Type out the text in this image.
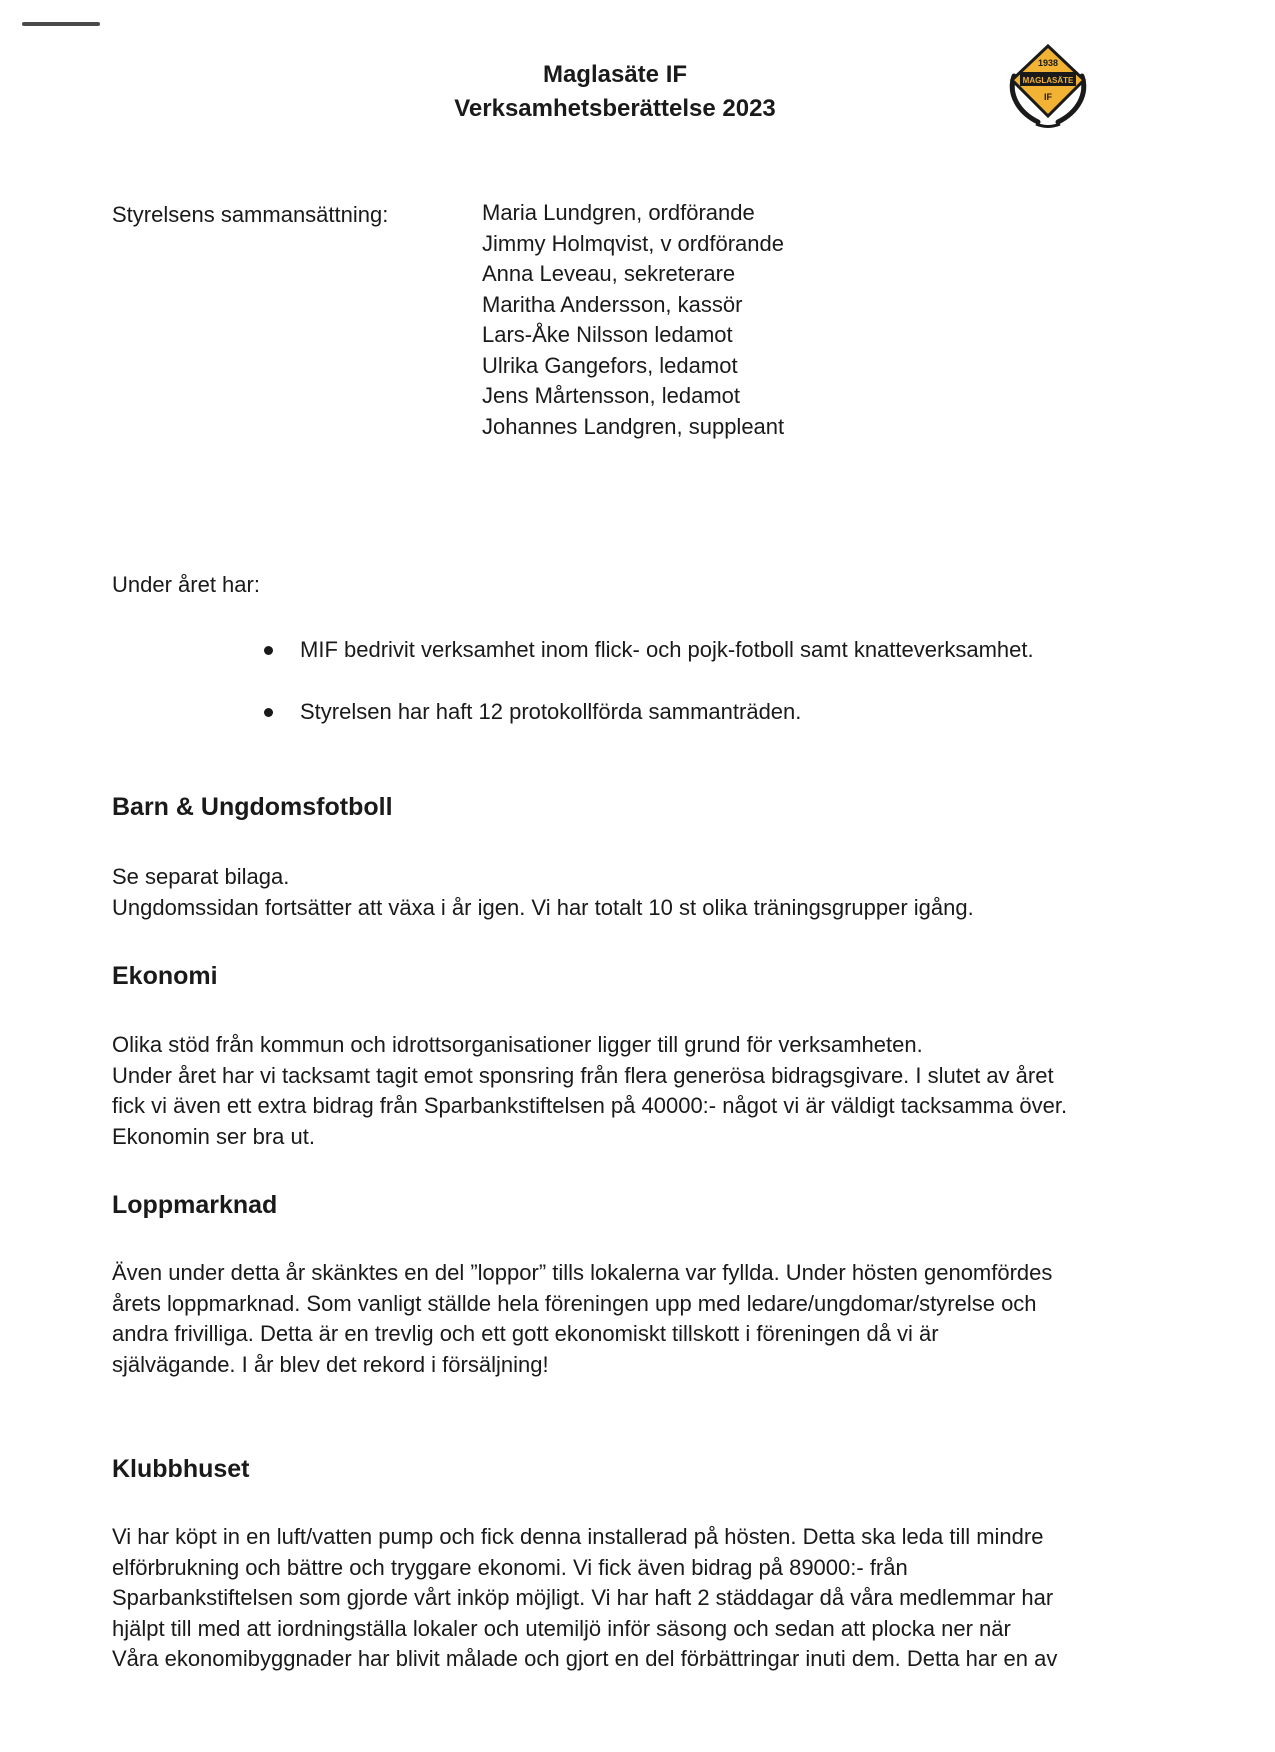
Maglasäte IF
Verksamhetsberättelse 2023
1938
MAGLASÄTE
IF
Styrelsens sammansättning:	Maria Lundgren, ordförande
Jimmy Holmqvist, v ordförande
Anna Leveau, sekreterare
Maritha Andersson, kassör
Lars-Åke Nilsson ledamot
Ulrika Gangefors, ledamot
Jens Mårtensson, ledamot
Johannes Landgren, suppleant
Under året har:
MIF bedrivit verksamhet inom flick- och pojk-fotboll samt knatteverksamhet.
Styrelsen har haft 12 protokollförda sammanträden.
Barn & Ungdomsfotboll
Se separat bilaga.
Ungdomssidan fortsätter att växa i år igen. Vi har totalt 10 st olika träningsgrupper igång.
Ekonomi
Olika stöd från kommun och idrottsorganisationer ligger till grund för verksamheten.
Under året har vi tacksamt tagit emot sponsring från flera generösa bidragsgivare. I slutet av året
fick vi även ett extra bidrag från Sparbankstiftelsen på 40000:- något vi är väldigt tacksamma över.
Ekonomin ser bra ut.
Loppmarknad
Även under detta år skänktes en del ”loppor” tills lokalerna var fyllda. Under hösten genomfördes
årets loppmarknad. Som vanligt ställde hela föreningen upp med ledare/ungdomar/styrelse och
andra frivilliga. Detta är en trevlig och ett gott ekonomiskt tillskott i föreningen då vi är
självägande. I år blev det rekord i försäljning!
Klubbhuset
Vi har köpt in en luft/vatten pump och fick denna installerad på hösten. Detta ska leda till mindre
elförbrukning och bättre och tryggare ekonomi. Vi fick även bidrag på 89000:- från
Sparbankstiftelsen som gjorde vårt inköp möjligt. Vi har haft 2 städdagar då våra medlemmar har
hjälpt till med att iordningställa lokaler och utemiljö inför säsong och sedan att plocka ner när
Våra ekonomibyggnader har blivit målade och gjort en del förbättringar inuti dem. Detta har en av
